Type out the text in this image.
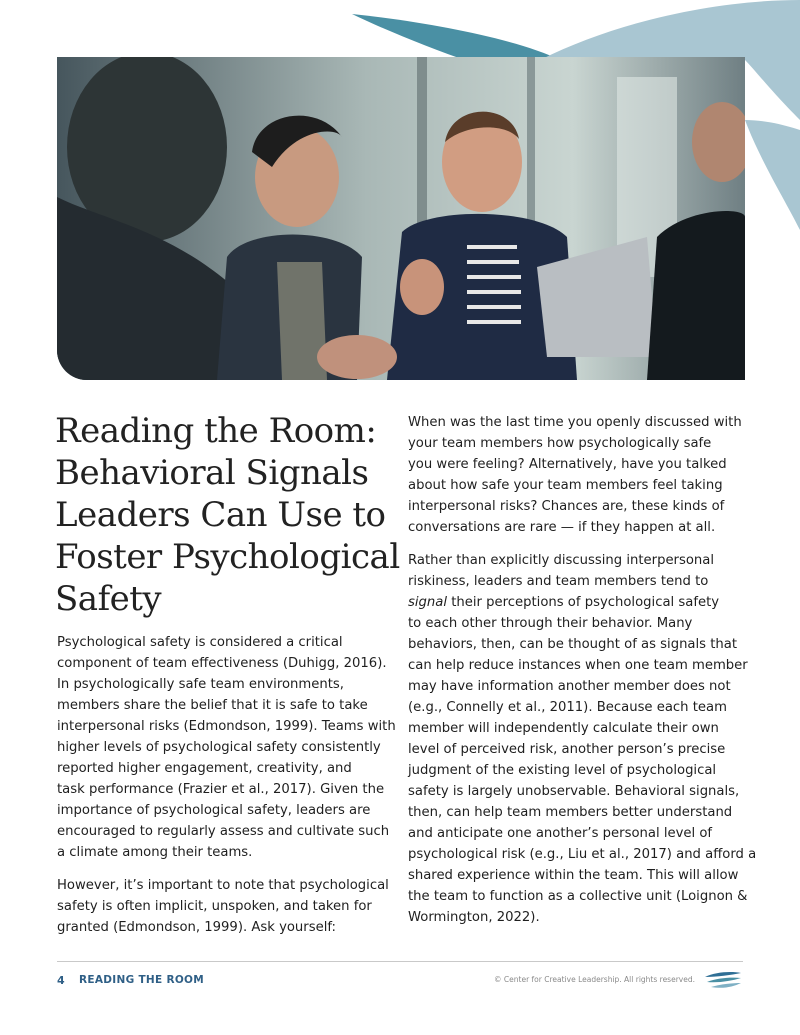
Reading the Room:
Behavioral Signals
Leaders Can Use to
Foster Psychological
Safety

Psychological safety is considered a critical
component of team effectiveness (Duhigg, 2016).
In psychologically safe team environments,
members share the belief that it is safe to take
interpersonal risks (Edmondson, 1999). Teams with
higher levels of psychological safety consistently
reported higher engagement, creativity, and
task performance (Frazier et al., 2017). Given the
importance of psychological safety, leaders are
encouraged to regularly assess and cultivate such
a climate among their teams.

However, it’s important to note that psychological
safety is often implicit, unspoken, and taken for
granted (Edmondson, 1999). Ask yourself:

When was the last time you openly discussed with
your team members how psychologically safe
you were feeling? Alternatively, have you talked
about how safe your team members feel taking
interpersonal risks? Chances are, these kinds of
conversations are rare — if they happen at all.

Rather than explicitly discussing interpersonal
riskiness, leaders and team members tend to
signal their perceptions of psychological safety
to each other through their behavior. Many
behaviors, then, can be thought of as signals that
can help reduce instances when one team member
may have information another member does not
(e.g., Connelly et al., 2011). Because each team
member will independently calculate their own
level of perceived risk, another person’s precise
judgment of the existing level of psychological
safety is largely unobservable. Behavioral signals,
then, can help team members better understand
and anticipate one another’s personal level of
psychological risk (e.g., Liu et al., 2017) and afford a
shared experience within the team. This will allow
the team to function as a collective unit (Loignon &
Wormington, 2022).

4 READING THE ROOM	© Center for Creative Leadership. All rights reserved.
